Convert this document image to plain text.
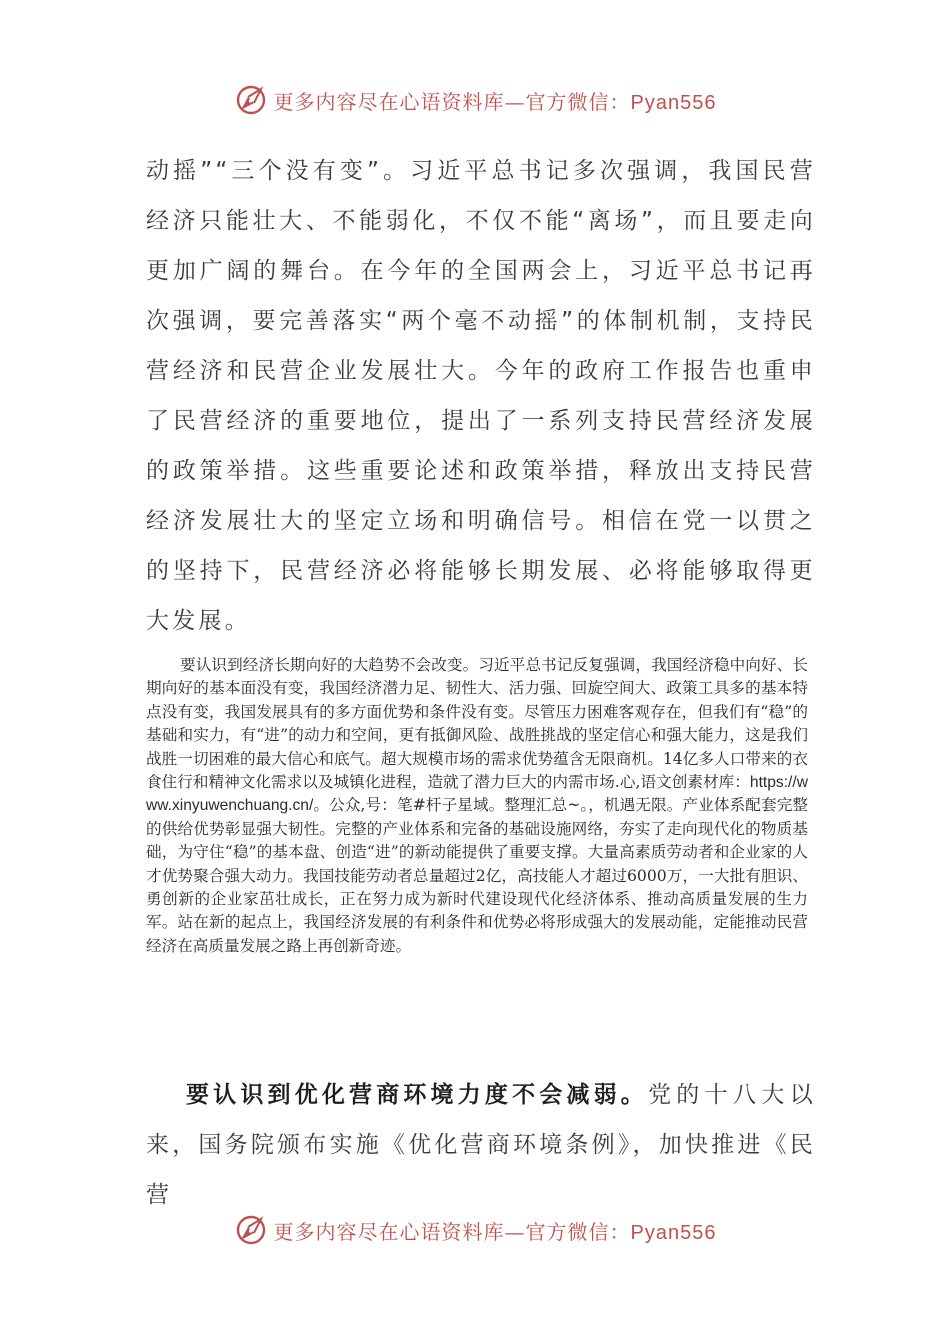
更多内容尽在心语资料库—官方微信：Pyan556

动摇”“三个没有变”。习近平总书记多次强调，我国民营经济只能壮大、不能弱化，不仅不能“离场”，而且要走向更加广阔的舞台。在今年的全国两会上，习近平总书记再次强调，要完善落实“两个毫不动摇”的体制机制，支持民营经济和民营企业发展壮大。今年的政府工作报告也重申了民营经济的重要地位，提出了一系列支持民营经济发展的政策举措。这些重要论述和政策举措，释放出支持民营经济发展壮大的坚定立场和明确信号。相信在党一以贯之的坚持下，民营经济必将能够长期发展、必将能够取得更大发展。

要认识到经济长期向好的大趋势不会改变。习近平总书记反复强调，我国经济稳中向好、长期向好的基本面没有变，我国经济潜力足、韧性大、活力强、回旋空间大、政策工具多的基本特点没有变，我国发展具有的多方面优势和条件没有变。尽管压力困难客观存在，但我们有“稳”的基础和实力，有“进”的动力和空间，更有抵御风险、战胜挑战的坚定信心和强大能力，这是我们战胜一切困难的最大信心和底气。超大规模市场的需求优势蕴含无限商机。14亿多人口带来的衣食住行和精神文化需求以及城镇化进程，造就了潜力巨大的内需市场.心,语文创素材库：https://www.xinyuwenchuang.cn/。公众,号：笔#杆子星域。整理汇总~。，机遇无限。产业体系配套完整的供给优势彰显强大韧性。完整的产业体系和完备的基础设施网络，夯实了走向现代化的物质基础，为守住“稳”的基本盘、创造“进”的新动能提供了重要支撑。大量高素质劳动者和企业家的人才优势聚合强大动力。我国技能劳动者总量超过2亿，高技能人才超过6000万，一大批有胆识、勇创新的企业家茁壮成长，正在努力成为新时代建设现代化经济体系、推动高质量发展的生力军。站在新的起点上，我国经济发展的有利条件和优势必将形成强大的发展动能，定能推动民营经济在高质量发展之路上再创新奇迹。

要认识到优化营商环境力度不会减弱。党的十八大以来，国务院颁布实施《优化营商环境条例》，加快推进《民营

更多内容尽在心语资料库—官方微信：Pyan556
